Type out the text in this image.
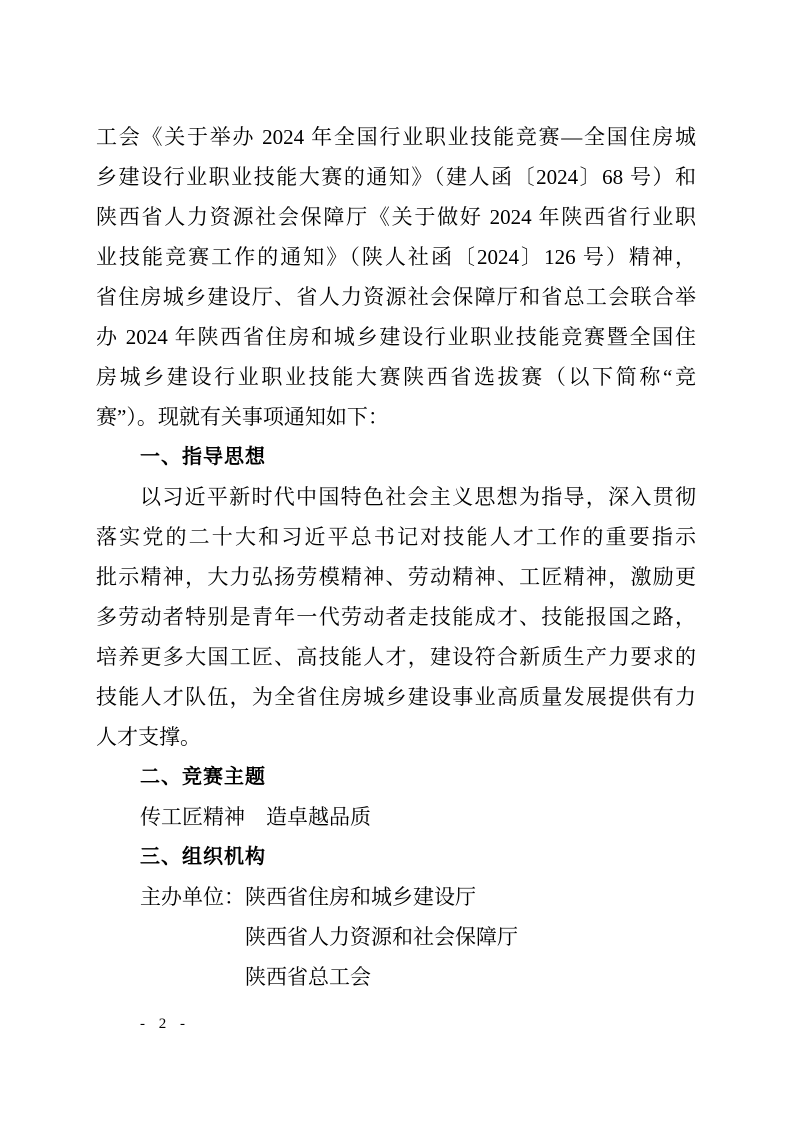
工会《关于举办 2024 年全国行业职业技能竞赛—全国住房城
乡建设行业职业技能大赛的通知》（建人函〔2024〕68 号）和
陕西省人力资源社会保障厅《关于做好 2024 年陕西省行业职
业技能竞赛工作的通知》（陕人社函〔2024〕126 号）精神，
省住房城乡建设厅、省人力资源社会保障厅和省总工会联合举
办 2024 年陕西省住房和城乡建设行业职业技能竞赛暨全国住
房城乡建设行业职业技能大赛陕西省选拔赛（以下简称“竞
赛”）。现就有关事项通知如下：
一、指导思想
以习近平新时代中国特色社会主义思想为指导，深入贯彻
落实党的二十大和习近平总书记对技能人才工作的重要指示
批示精神，大力弘扬劳模精神、劳动精神、工匠精神，激励更
多劳动者特别是青年一代劳动者走技能成才、技能报国之路，
培养更多大国工匠、高技能人才，建设符合新质生产力要求的
技能人才队伍，为全省住房城乡建设事业高质量发展提供有力
人才支撑。
二、竞赛主题
传工匠精神　造卓越品质
三、组织机构
主办单位：陕西省住房和城乡建设厅
陕西省人力资源和社会保障厅
陕西省总工会
- 2 -
